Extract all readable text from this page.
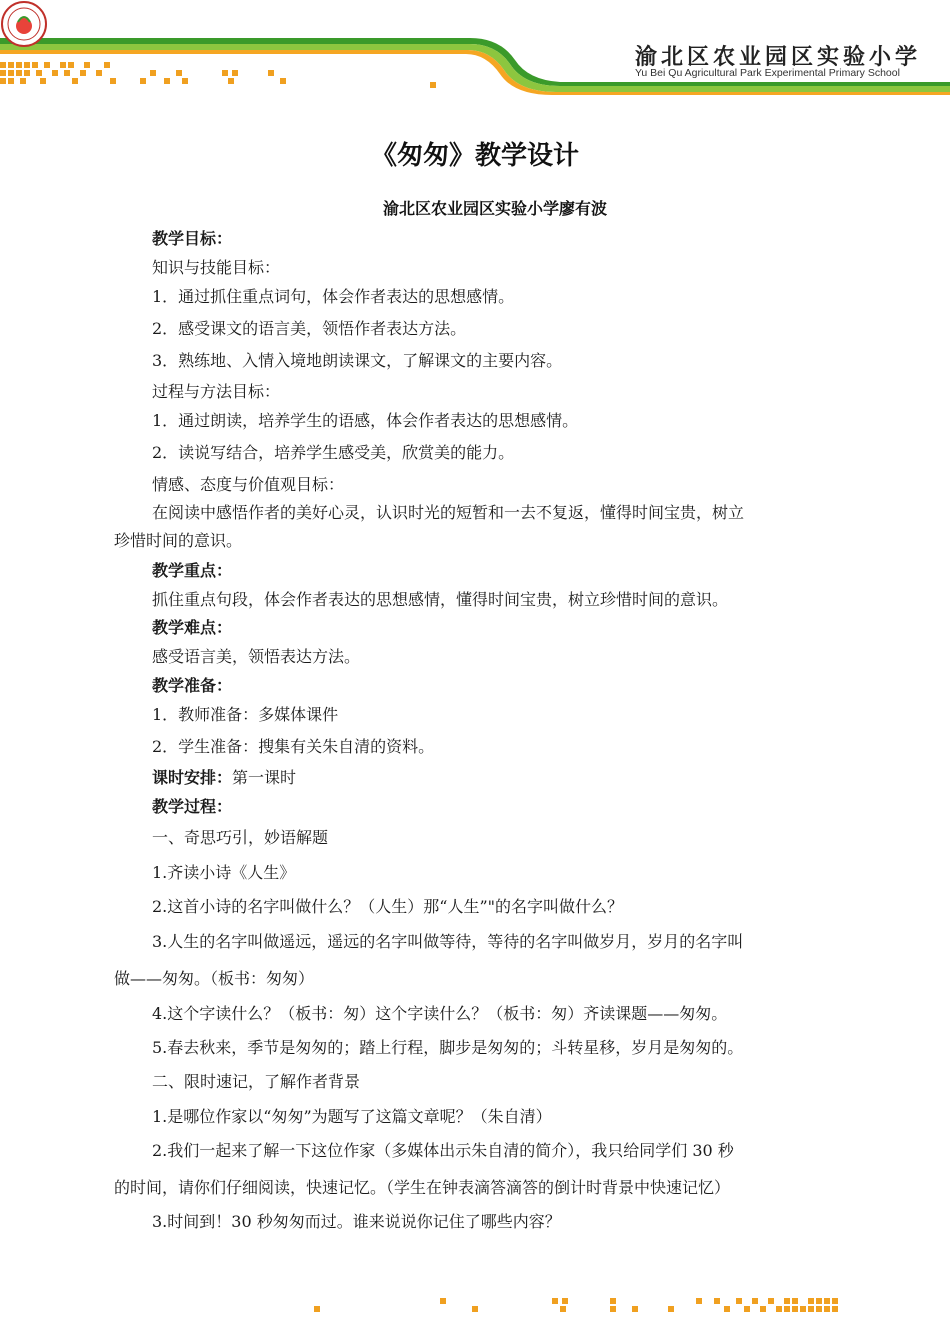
渝北区农业园区实验小学
Yu Bei Qu Agricultural Park Experimental Primary School
《匆匆》教学设计
渝北区农业园区实验小学廖有波
教学目标：
知识与技能目标：
1．通过抓住重点词句，体会作者表达的思想感情。
2．感受课文的语言美，领悟作者表达方法。
3．熟练地、入情入境地朗读课文，了解课文的主要内容。
过程与方法目标：
1．通过朗读，培养学生的语感，体会作者表达的思想感情。
2．读说写结合，培养学生感受美，欣赏美的能力。
情感、态度与价值观目标：
在阅读中感悟作者的美好心灵，认识时光的短暂和一去不复返，懂得时间宝贵，树立
珍惜时间的意识。
教学重点：
抓住重点句段，体会作者表达的思想感情，懂得时间宝贵，树立珍惜时间的意识。
教学难点：
感受语言美，领悟表达方法。
教学准备：
1．教师准备：多媒体课件
2．学生准备：搜集有关朱自清的资料。
课时安排：第一课时
教学过程：
一、奇思巧引，妙语解题
1.齐读小诗《人生》
2.这首小诗的名字叫做什么？（人生）那“人生”"的名字叫做什么？
3.人生的名字叫做遥远，遥远的名字叫做等待，等待的名字叫做岁月，岁月的名字叫
做——匆匆。（板书：匆匆）
4.这个字读什么？（板书：匆）这个字读什么？（板书：匆）齐读课题——匆匆。
5.春去秋来，季节是匆匆的；踏上行程，脚步是匆匆的；斗转星移，岁月是匆匆的。
二、限时速记，了解作者背景
1.是哪位作家以“匆匆”为题写了这篇文章呢？（朱自清）
2.我们一起来了解一下这位作家（多媒体出示朱自清的简介），我只给同学们 30 秒
的时间，请你们仔细阅读，快速记忆。（学生在钟表滴答滴答的倒计时背景中快速记忆）
3.时间到！30 秒匆匆而过。谁来说说你记住了哪些内容？
